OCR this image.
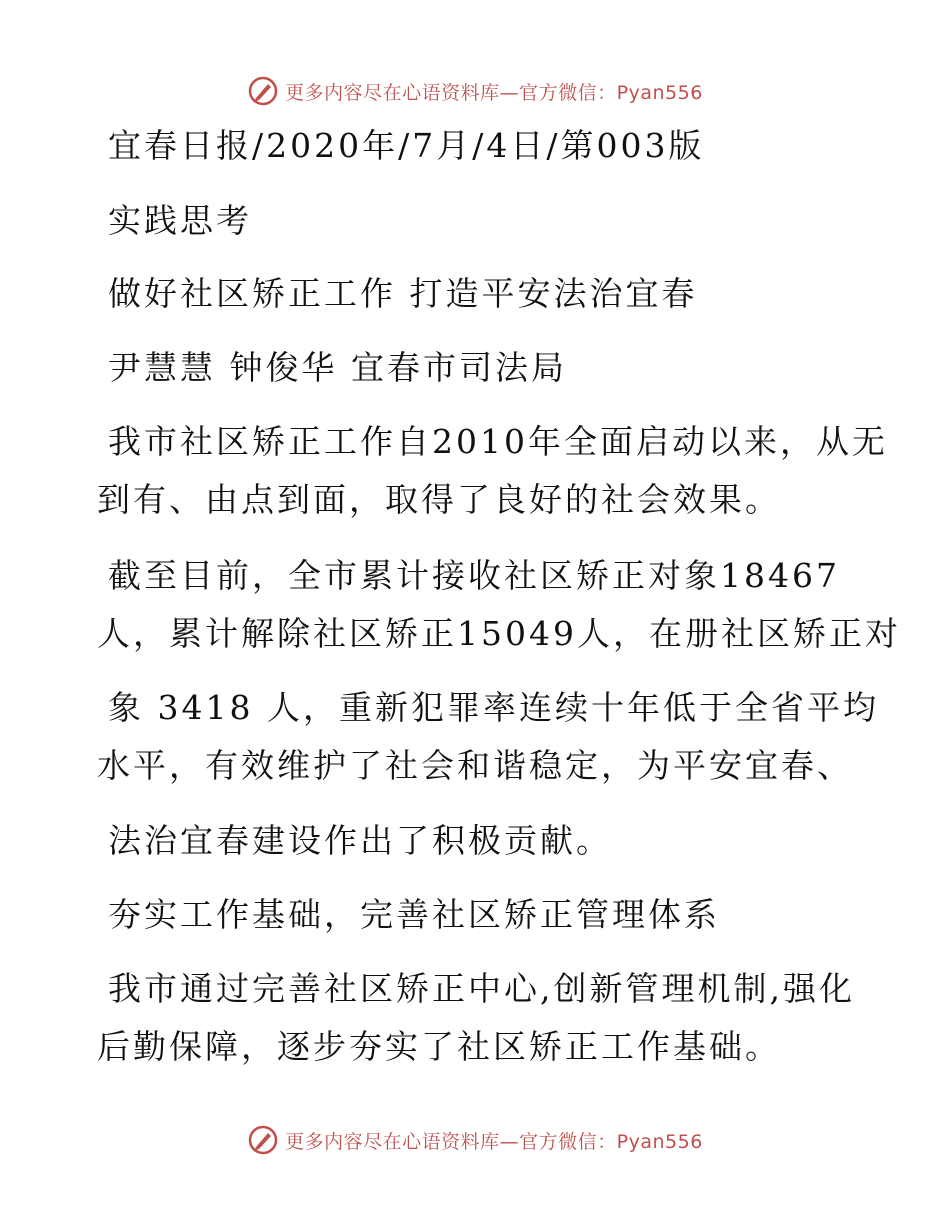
更多内容尽在心语资料库—官方微信：Pyan556
宜春日报/2020年/7月/4日/第003版
实践思考
做好社区矫正工作 打造平安法治宜春
尹慧慧 钟俊华 宜春市司法局
我市社区矫正工作自2010年全面启动以来，从无
到有、由点到面，取得了良好的社会效果。
截至目前，全市累计接收社区矫正对象18467
人，累计解除社区矫正15049人，在册社区矫正对
象 3418 人，重新犯罪率连续十年低于全省平均
水平，有效维护了社会和谐稳定，为平安宜春、
法治宜春建设作出了积极贡献。
夯实工作基础，完善社区矫正管理体系
我市通过完善社区矫正中心,创新管理机制,强化
后勤保障，逐步夯实了社区矫正工作基础。
更多内容尽在心语资料库—官方微信：Pyan556
